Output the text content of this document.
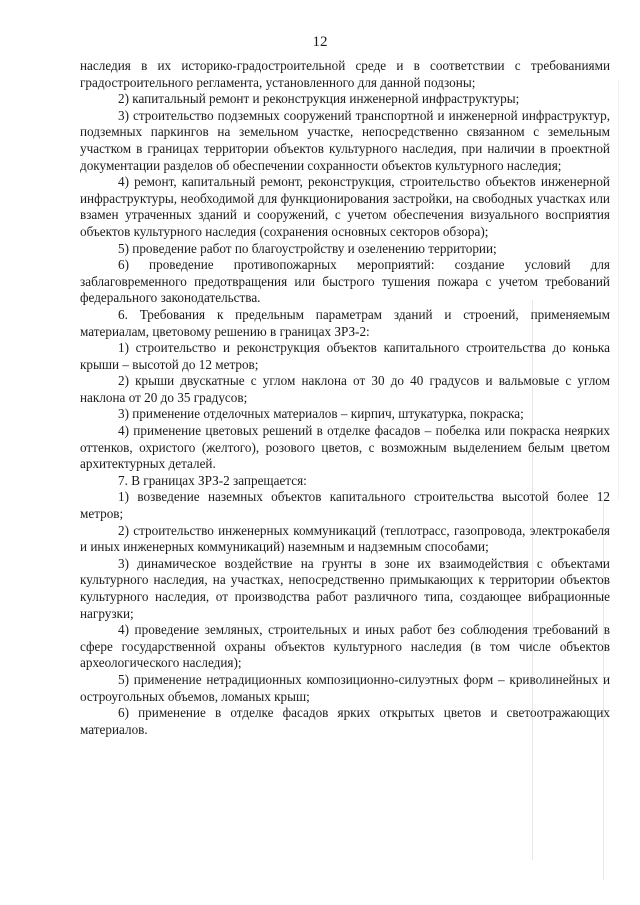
12

наследия в их историко-градостроительной среде и в соответствии с требованиями градостроительного регламента, установленного для данной подзоны;

2) капитальный ремонт и реконструкция инженерной инфраструктуры;

3) строительство подземных сооружений транспортной и инженерной инфраструктур, подземных паркингов на земельном участке, непосредственно связанном с земельным участком в границах территории объектов культурного наследия, при наличии в проектной документации разделов об обеспечении сохранности объектов культурного наследия;

4) ремонт, капитальный ремонт, реконструкция, строительство объектов инженерной инфраструктуры, необходимой для функционирования застройки, на свободных участках или взамен утраченных зданий и сооружений, с учетом обеспечения визуального восприятия объектов культурного наследия (сохранения основных секторов обзора);

5) проведение работ по благоустройству и озеленению территории;

6) проведение противопожарных мероприятий: создание условий для заблаговременного предотвращения или быстрого тушения пожара с учетом требований федерального законодательства.

6. Требования к предельным параметрам зданий и строений, применяемым материалам, цветовому решению в границах ЗРЗ-2:

1) строительство и реконструкция объектов капитального строительства до конька крыши – высотой до 12 метров;

2) крыши двускатные с углом наклона от 30 до 40 градусов и вальмовые с углом наклона от 20 до 35 градусов;

3) применение отделочных материалов – кирпич, штукатурка, покраска;

4) применение цветовых решений в отделке фасадов – побелка или покраска неярких оттенков, охристого (желтого), розового цветов, с возможным выделением белым цветом архитектурных деталей.

7. В границах ЗРЗ-2 запрещается:

1) возведение наземных объектов капитального строительства высотой более 12 метров;

2) строительство инженерных коммуникаций (теплотрасс, газопровода, электрокабеля и иных инженерных коммуникаций) наземным и надземным способами;

3) динамическое воздействие на грунты в зоне их взаимодействия с объектами культурного наследия, на участках, непосредственно примыкающих к территории объектов культурного наследия, от производства работ различного типа, создающее вибрационные нагрузки;

4) проведение земляных, строительных и иных работ без соблюдения требований в сфере государственной охраны объектов культурного наследия (в том числе объектов археологического наследия);

5) применение нетрадиционных композиционно-силуэтных форм – криволинейных и остроугольных объемов, ломаных крыш;

6) применение в отделке фасадов ярких открытых цветов и светоотражающих материалов.
